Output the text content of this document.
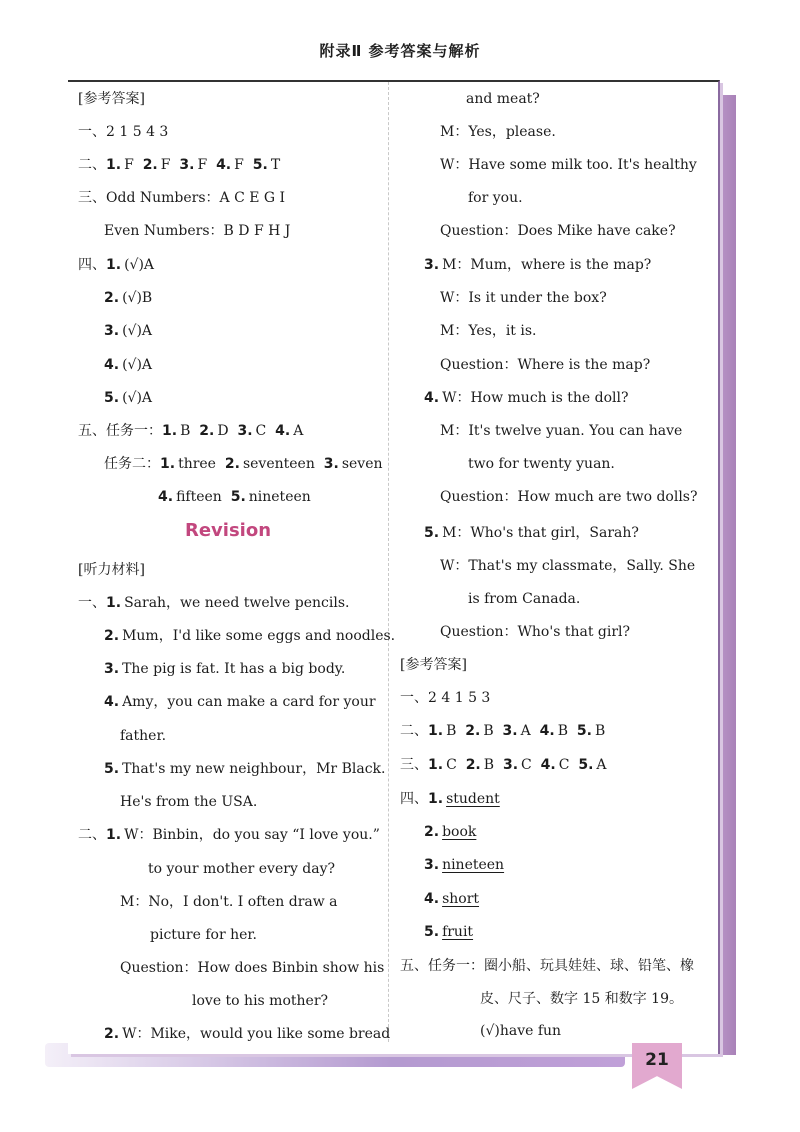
附录Ⅱ 参考答案与解析
21
[参考答案]
一、2 1 5 4 3
二、1. F 2. F 3. F 4. F 5. T
三、Odd Numbers：A C E G I
Even Numbers：B D F H J
四、1. (√)A
2. (√)B
3. (√)A
4. (√)A
5. (√)A
五、任务一：1. B 2. D 3. C 4. A
任务二：1. three 2. seventeen 3. seven
4. fifteen 5. nineteen
Revision
[听力材料]
一、1. Sarah，we need twelve pencils.
2. Mum，I'd like some eggs and noodles.
3. The pig is fat. It has a big body.
4. Amy，you can make a card for your
father.
5. That's my new neighbour，Mr Black.
He's from the USA.
二、1. W：Binbin，do you say “I love you.”
to your mother every day?
M：No，I don't. I often draw a
picture for her.
Question：How does Binbin show his
love to his mother?
2. W：Mike，would you like some bread
and meat?
M：Yes，please.
W：Have some milk too. It's healthy
for you.
Question：Does Mike have cake?
3. M：Mum，where is the map?
W：Is it under the box?
M：Yes，it is.
Question：Where is the map?
4. W：How much is the doll?
M：It's twelve yuan. You can have
two for twenty yuan.
Question：How much are two dolls?
5. M：Who's that girl，Sarah?
W：That's my classmate，Sally. She
is from Canada.
Question：Who's that girl?
[参考答案]
一、2 4 1 5 3
二、1. B 2. B 3. A 4. B 5. B
三、1. C 2. B 3. C 4. C 5. A
四、1. student
2. book
3. nineteen
4. short
5. fruit
五、任务一：圈小船、玩具娃娃、球、铅笔、橡
皮、尺子、数字 15 和数字 19。
(√)have fun
